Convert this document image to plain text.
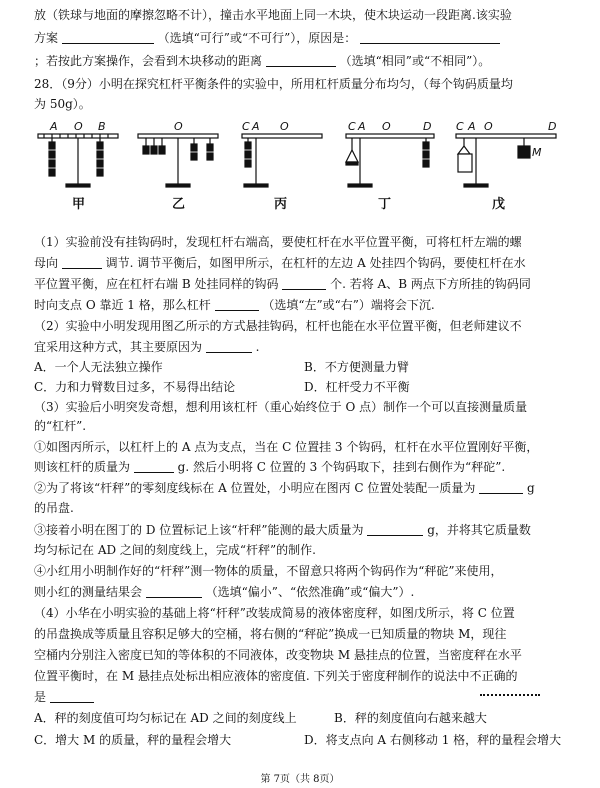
放（铁球与地面的摩擦忽略不计），撞击水平地面上同一木块，使木块运动一段距离.该实验
方案	（选填“可行”或“不可行”），原因是：
；若按此方案操作，会看到木块移动的距离	（选填“相同”或“不相同”）。
28．（9分）小明在探究杠杆平衡条件的实验中，所用杠杆质量分布均匀，（每个钩码质量均
为 50g）。
A O B	O	C A O	C A O	D C A O	D
M
甲	乙	丙	丁	戊
（1）实验前没有挂钩码时，发现杠杆右端高，要使杠杆在水平位置平衡，可将杠杆左端的螺
母向	调节. 调节平衡后，如图甲所示，在杠杆的左边 A 处挂四个钩码，要使杠杆在水
平位置平衡，应在杠杆右端 B 处挂同样的钩码	个. 若将 A、B 两点下方所挂的钩码同
时向支点 O 靠近 1 格，那么杠杆	（选填“左”或“右”）端将会下沉.
（2）实验中小明发现用图乙所示的方式悬挂钩码，杠杆也能在水平位置平衡，但老师建议不
宜采用这种方式，其主要原因为	.
A．一个人无法独立操作	B．不方便测量力臂
C．力和力臂数目过多，不易得出结论	D．杠杆受力不平衡
（3）实验后小明突发奇想，想利用该杠杆（重心始终位于 O 点）制作一个可以直接测量质量
的“杠杆”.
①如图丙所示，以杠杆上的 A 点为支点，当在 C 位置挂 3 个钩码，杠杆在水平位置刚好平衡，
则该杠杆的质量为	g. 然后小明将 C 位置的 3 个钩码取下，挂到右侧作为“秤砣”.
②为了将该“杆秤”的零刻度线标在 A 位置处，小明应在图丙 C 位置处装配一质量为	g
的吊盘.
③接着小明在图丁的 D 位置标记上该“杆秤”能测的最大质量为	g，并将其它质量数
均匀标记在 AD 之间的刻度线上，完成“杆秤”的制作.
④小红用小明制作好的“杆秤”测一物体的质量，不留意只将两个钩码作为“秤砣”来使用，
则小红的测量结果会	（选填“偏小”、“依然准确”或“偏大”）.
（4）小华在小明实验的基础上将“杆秤”改装成简易的液体密度秤，如图戊所示，将 C 位置
的吊盘换成等质量且容积足够大的空桶，将右侧的“秤砣”换成一已知质量的物块 M，现往
空桶内分别注入密度已知的等体积的不同液体，改变物块 M 悬挂点的位置，当密度秤在水平
位置平衡时，在 M 悬挂点处标出相应液体的密度值. 下列关于密度秤制作的说法中不正确的
是
A．秤的刻度值可均匀标记在 AD 之间的刻度线上	B．秤的刻度值向右越来越大
C．增大 M 的质量，秤的量程会增大	D．将支点向 A 右侧移动 1 格，秤的量程会增大
第 7页（共 8页）
